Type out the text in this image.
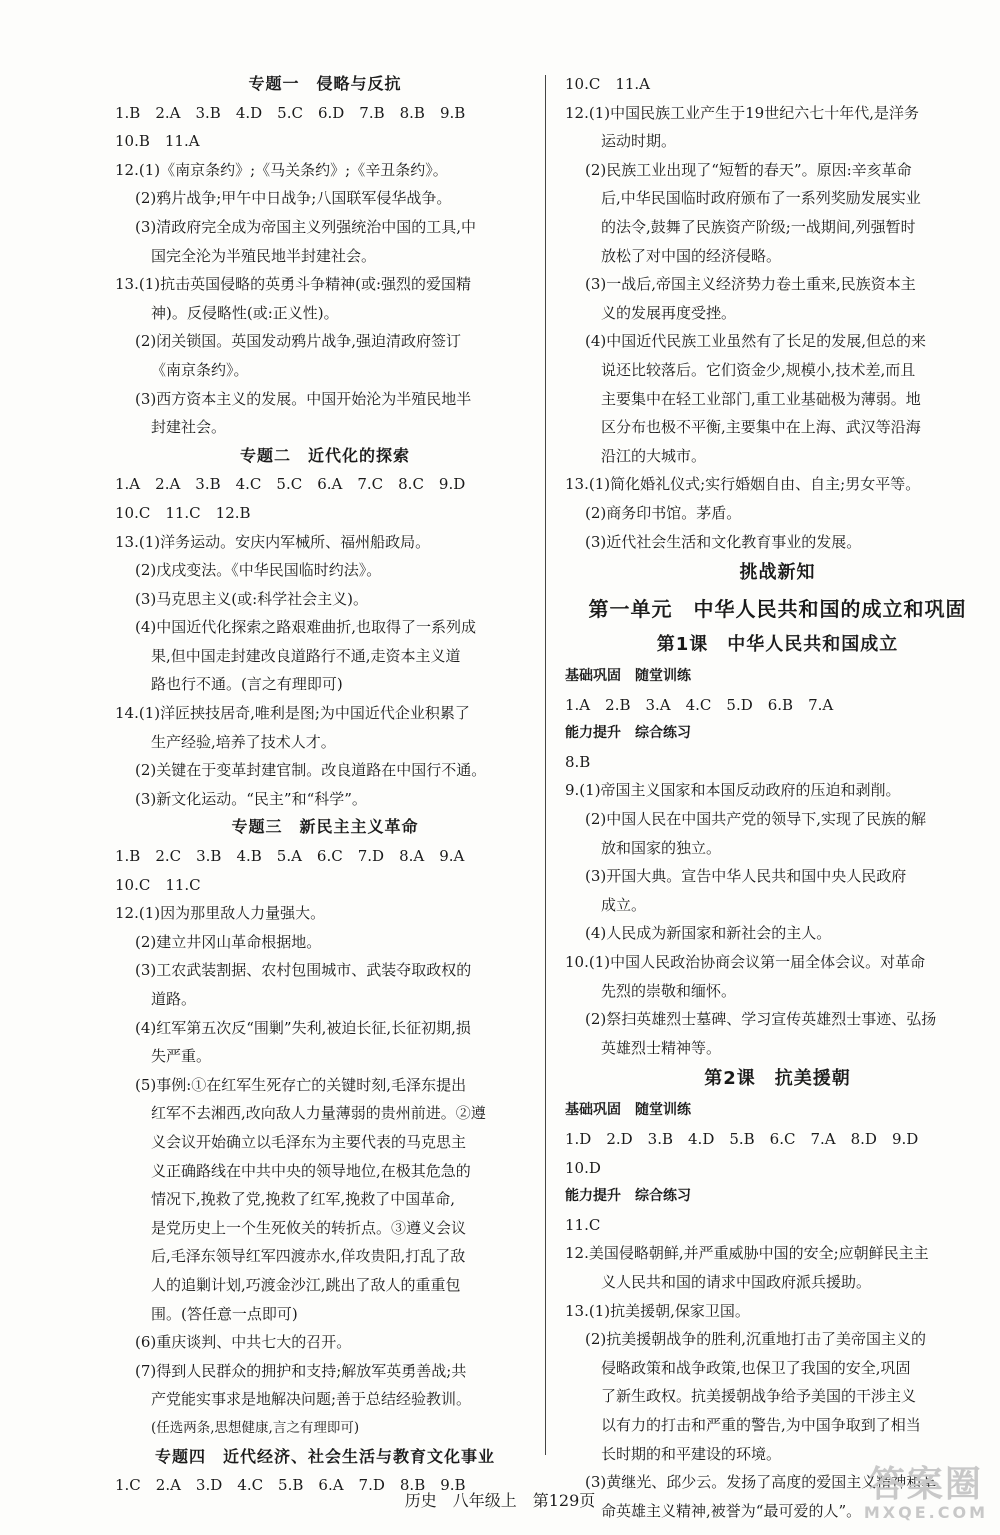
专题一　侵略与反抗
1.B　2.A　3.B　4.D　5.C　6.D　7.B　8.B　9.B
10.B　11.A
12.(1)《南京条约》;《马关条约》;《辛丑条约》。
(2)鸦片战争;甲午中日战争;八国联军侵华战争。
(3)清政府完全成为帝国主义列强统治中国的工具,中
国完全沦为半殖民地半封建社会。
13.(1)抗击英国侵略的英勇斗争精神(或:强烈的爱国精
神)。反侵略性(或:正义性)。
(2)闭关锁国。英国发动鸦片战争,强迫清政府签订
《南京条约》。
(3)西方资本主义的发展。中国开始沦为半殖民地半
封建社会。
专题二　近代化的探索
1.A　2.A　3.B　4.C　5.C　6.A　7.C　8.C　9.D
10.C　11.C　12.B
13.(1)洋务运动。安庆内军械所、福州船政局。
(2)戊戌变法。《中华民国临时约法》。
(3)马克思主义(或:科学社会主义)。
(4)中国近代化探索之路艰难曲折,也取得了一系列成
果,但中国走封建改良道路行不通,走资本主义道
路也行不通。(言之有理即可)
14.(1)洋匠挟技居奇,唯利是图;为中国近代企业积累了
生产经验,培养了技术人才。
(2)关键在于变革封建官制。改良道路在中国行不通。
(3)新文化运动。“民主”和“科学”。
专题三　新民主主义革命
1.B　2.C　3.B　4.B　5.A　6.C　7.D　8.A　9.A
10.C　11.C
12.(1)因为那里敌人力量强大。
(2)建立井冈山革命根据地。
(3)工农武装割据、农村包围城市、武装夺取政权的
道路。
(4)红军第五次反“围剿”失利,被迫长征,长征初期,损
失严重。
(5)事例:①在红军生死存亡的关键时刻,毛泽东提出
红军不去湘西,改向敌人力量薄弱的贵州前进。②遵
义会议开始确立以毛泽东为主要代表的马克思主
义正确路线在中共中央的领导地位,在极其危急的
情况下,挽救了党,挽救了红军,挽救了中国革命,
是党历史上一个生死攸关的转折点。③遵义会议
后,毛泽东领导红军四渡赤水,佯攻贵阳,打乱了敌
人的追剿计划,巧渡金沙江,跳出了敌人的重重包
围。(答任意一点即可)
(6)重庆谈判、中共七大的召开。
(7)得到人民群众的拥护和支持;解放军英勇善战;共
产党能实事求是地解决问题;善于总结经验教训。
(任选两条,思想健康,言之有理即可)
专题四　近代经济、社会生活与教育文化事业
1.C　2.A　3.D　4.C　5.B　6.A　7.D　8.B　9.B
10.C　11.A
12.(1)中国民族工业产生于19世纪六七十年代,是洋务
运动时期。
(2)民族工业出现了“短暂的春天”。原因:辛亥革命
后,中华民国临时政府颁布了一系列奖励发展实业
的法令,鼓舞了民族资产阶级;一战期间,列强暂时
放松了对中国的经济侵略。
(3)一战后,帝国主义经济势力卷土重来,民族资本主
义的发展再度受挫。
(4)中国近代民族工业虽然有了长足的发展,但总的来
说还比较落后。它们资金少,规模小,技术差,而且
主要集中在轻工业部门,重工业基础极为薄弱。地
区分布也极不平衡,主要集中在上海、武汉等沿海
沿江的大城市。
13.(1)简化婚礼仪式;实行婚姻自由、自主;男女平等。
(2)商务印书馆。茅盾。
(3)近代社会生活和文化教育事业的发展。
挑战新知
第一单元　中华人民共和国的成立和巩固
第1课　中华人民共和国成立
基础巩固　随堂训练
1.A　2.B　3.A　4.C　5.D　6.B　7.A
能力提升　综合练习
8.B
9.(1)帝国主义国家和本国反动政府的压迫和剥削。
(2)中国人民在中国共产党的领导下,实现了民族的解
放和国家的独立。
(3)开国大典。宣告中华人民共和国中央人民政府
成立。
(4)人民成为新国家和新社会的主人。
10.(1)中国人民政治协商会议第一届全体会议。对革命
先烈的崇敬和缅怀。
(2)祭扫英雄烈士墓碑、学习宣传英雄烈士事迹、弘扬
英雄烈士精神等。
第2课　抗美援朝
基础巩固　随堂训练
1.D　2.D　3.B　4.D　5.B　6.C　7.A　8.D　9.D
10.D
能力提升　综合练习
11.C
12.美国侵略朝鲜,并严重威胁中国的安全;应朝鲜民主主
义人民共和国的请求中国政府派兵援助。
13.(1)抗美援朝,保家卫国。
(2)抗美援朝战争的胜利,沉重地打击了美帝国主义的
侵略政策和战争政策,也保卫了我国的安全,巩固
了新生政权。抗美援朝战争给予美国的干涉主义
以有力的打击和严重的警告,为中国争取到了相当
长时期的和平建设的环境。
(3)黄继光、邱少云。发扬了高度的爱国主义精神和革
命英雄主义精神,被誉为“最可爱的人”。
历史　八年级上　第129页	答案圈
MXQE.COM
